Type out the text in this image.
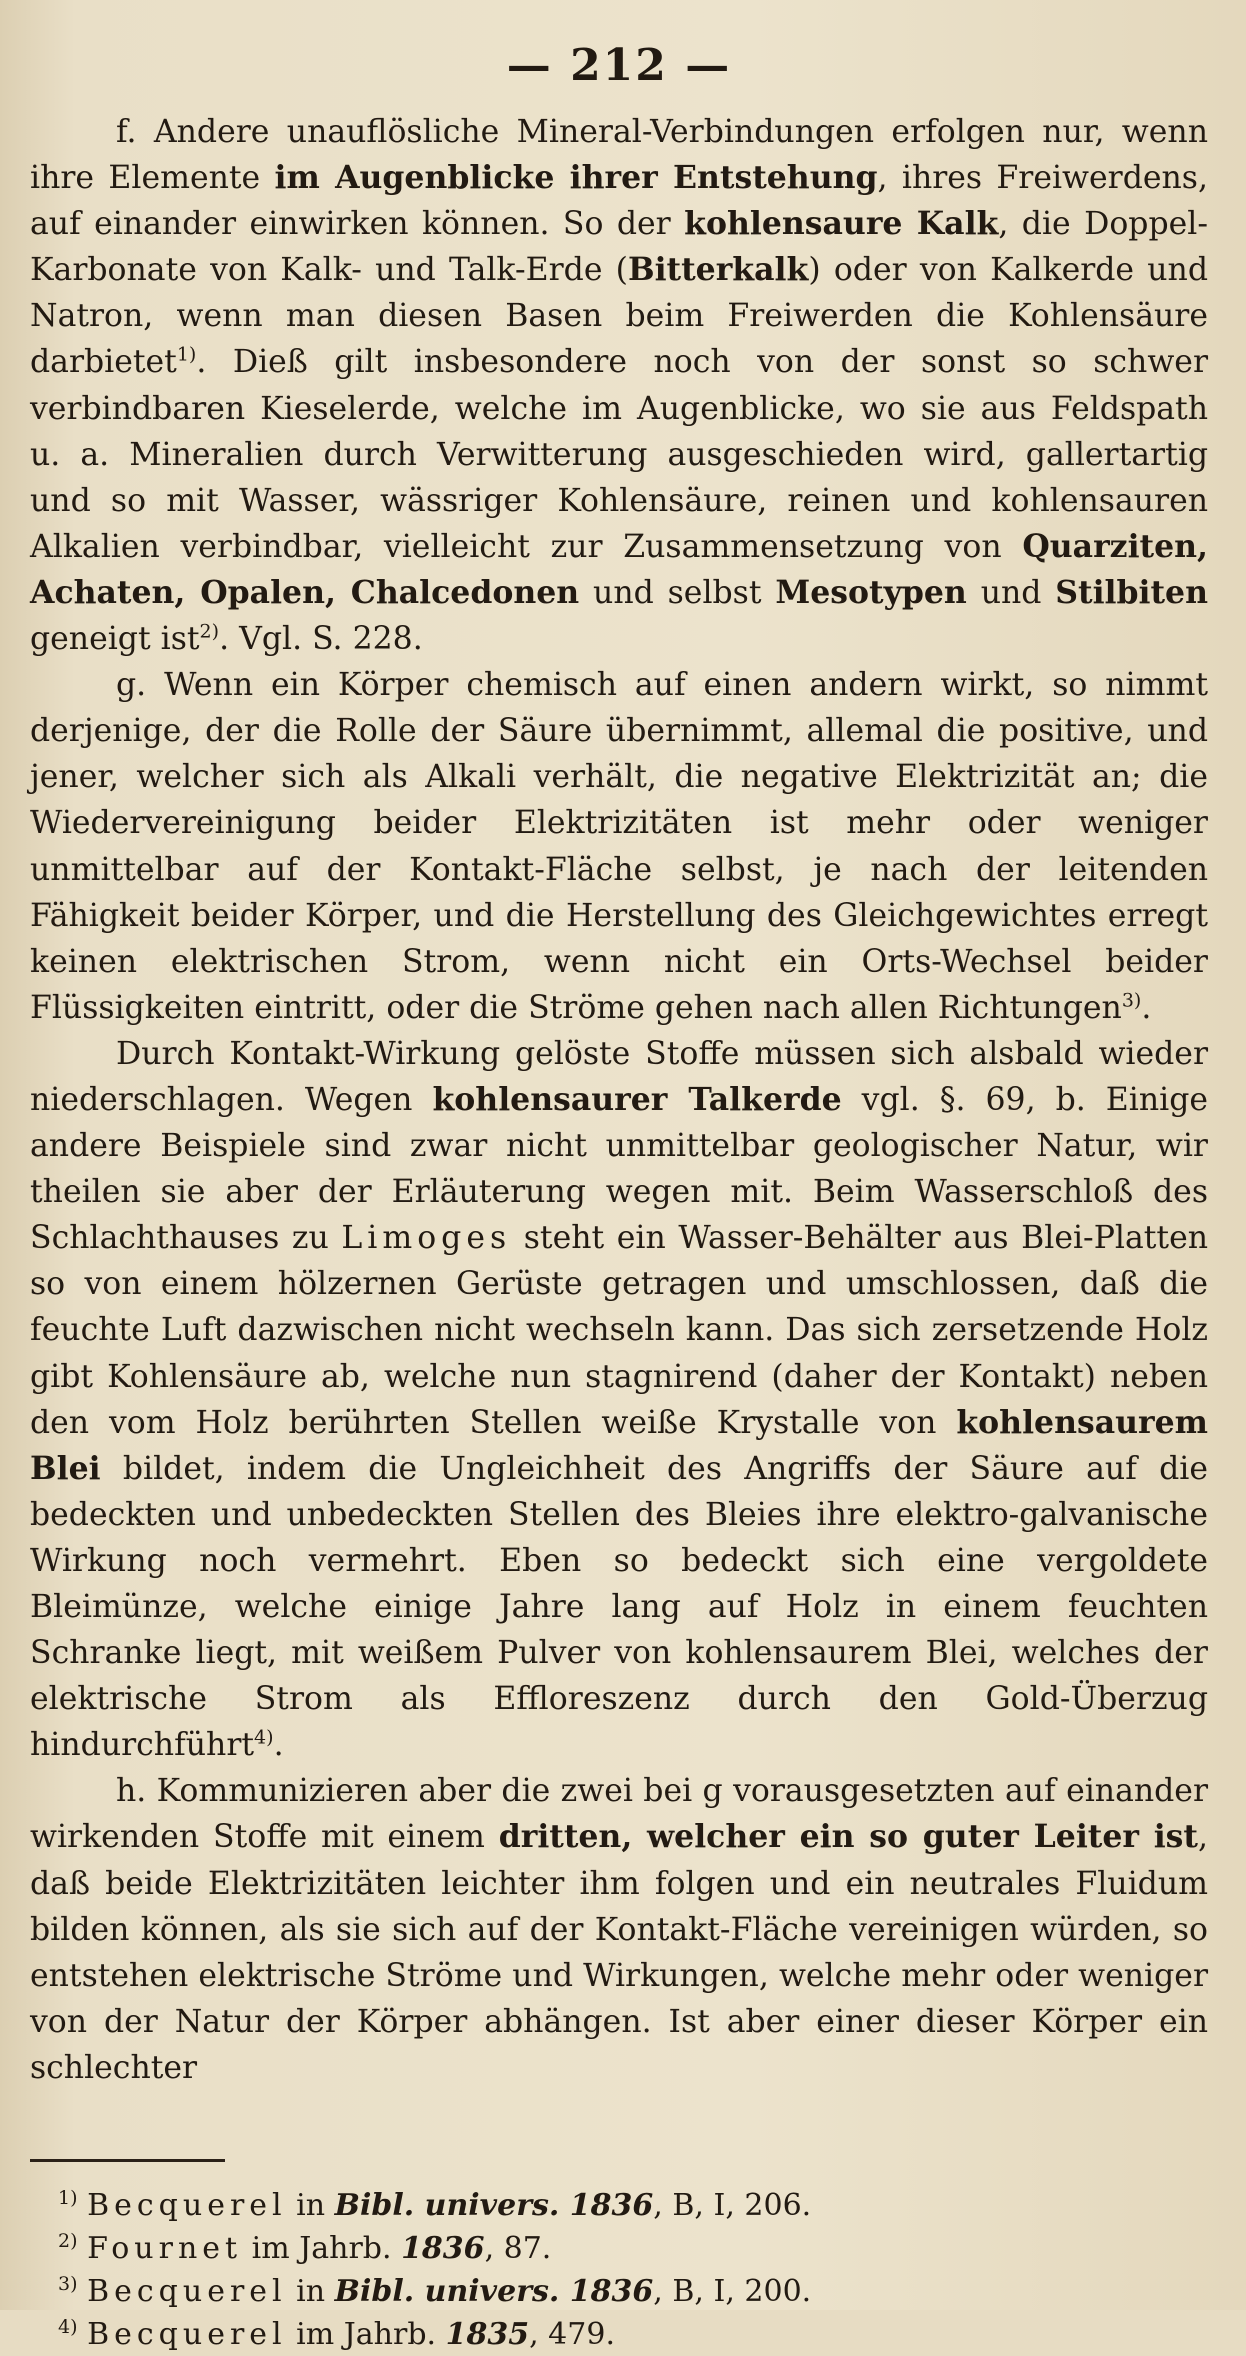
— 212 —

f. Andere unauflösliche Mineral-Verbindungen erfolgen nur, wenn ihre Elemente im Augenblicke ihrer Entstehung, ihres Freiwerdens, auf einander einwirken können. So der kohlensaure Kalk, die Doppel-Karbonate von Kalk- und Talk-Erde (Bitterkalk) oder von Kalkerde und Natron, wenn man diesen Basen beim Freiwerden die Kohlensäure darbietet$^{1)}$. Dieß gilt insbesondere noch von der sonst so schwer verbindbaren Kieselerde, welche im Augenblicke, wo sie aus Feldspath u. a. Mineralien durch Verwitterung ausgeschieden wird, gallertartig und so mit Wasser, wässriger Kohlensäure, reinen und kohlensauren Alkalien verbindbar, vielleicht zur Zusammensetzung von Quarziten, Achaten, Opalen, Chalcedonen und selbst Mesotypen und Stilbiten geneigt ist$^{2)}$. Vgl. S. 228.

g. Wenn ein Körper chemisch auf einen andern wirkt, so nimmt derjenige, der die Rolle der Säure übernimmt, allemal die positive, und jener, welcher sich als Alkali verhält, die negative Elektrizität an; die Wiedervereinigung beider Elektrizitäten ist mehr oder weniger unmittelbar auf der Kontakt-Fläche selbst, je nach der leitenden Fähigkeit beider Körper, und die Herstellung des Gleichgewichtes erregt keinen elektrischen Strom, wenn nicht ein Orts-Wechsel beider Flüssigkeiten eintritt, oder die Ströme gehen nach allen Richtungen$^{3)}$.

Durch Kontakt-Wirkung gelöste Stoffe müssen sich alsbald wieder niederschlagen. Wegen kohlensaurer Talkerde vgl. §. 69, b. Einige andere Beispiele sind zwar nicht unmittelbar geologischer Natur, wir theilen sie aber der Erläuterung wegen mit. Beim Wasserschloß des Schlachthauses zu Limoges steht ein Wasser-Behälter aus Blei-Platten so von einem hölzernen Gerüste getragen und umschlossen, daß die feuchte Luft dazwischen nicht wechseln kann. Das sich zersetzende Holz gibt Kohlensäure ab, welche nun stagnirend (daher der Kontakt) neben den vom Holz berührten Stellen weiße Krystalle von kohlensaurem Blei bildet, indem die Ungleichheit des Angriffs der Säure auf die bedeckten und unbedeckten Stellen des Bleies ihre elektro-galvanische Wirkung noch vermehrt. Eben so bedeckt sich eine vergoldete Bleimünze, welche einige Jahre lang auf Holz in einem feuchten Schranke liegt, mit weißem Pulver von kohlensaurem Blei, welches der elektrische Strom als Effloreszenz durch den Gold-Überzug hindurchführt$^{4)}$.

h. Kommunizieren aber die zwei bei g vorausgesetzten auf einander wirkenden Stoffe mit einem dritten, welcher ein so guter Leiter ist, daß beide Elektrizitäten leichter ihm folgen und ein neutrales Fluidum bilden können, als sie sich auf der Kontakt-Fläche vereinigen würden, so entstehen elektrische Ströme und Wirkungen, welche mehr oder weniger von der Natur der Körper abhängen. Ist aber einer dieser Körper ein schlechter

$^{1)}$ Becquerel in Bibl. univers. 1836, B, I, 206.
$^{2)}$ Fournet im Jahrb. 1836, 87.
$^{3)}$ Becquerel in Bibl. univers. 1836, B, I, 200.
$^{4)}$ Becquerel im Jahrb. 1835, 479.
